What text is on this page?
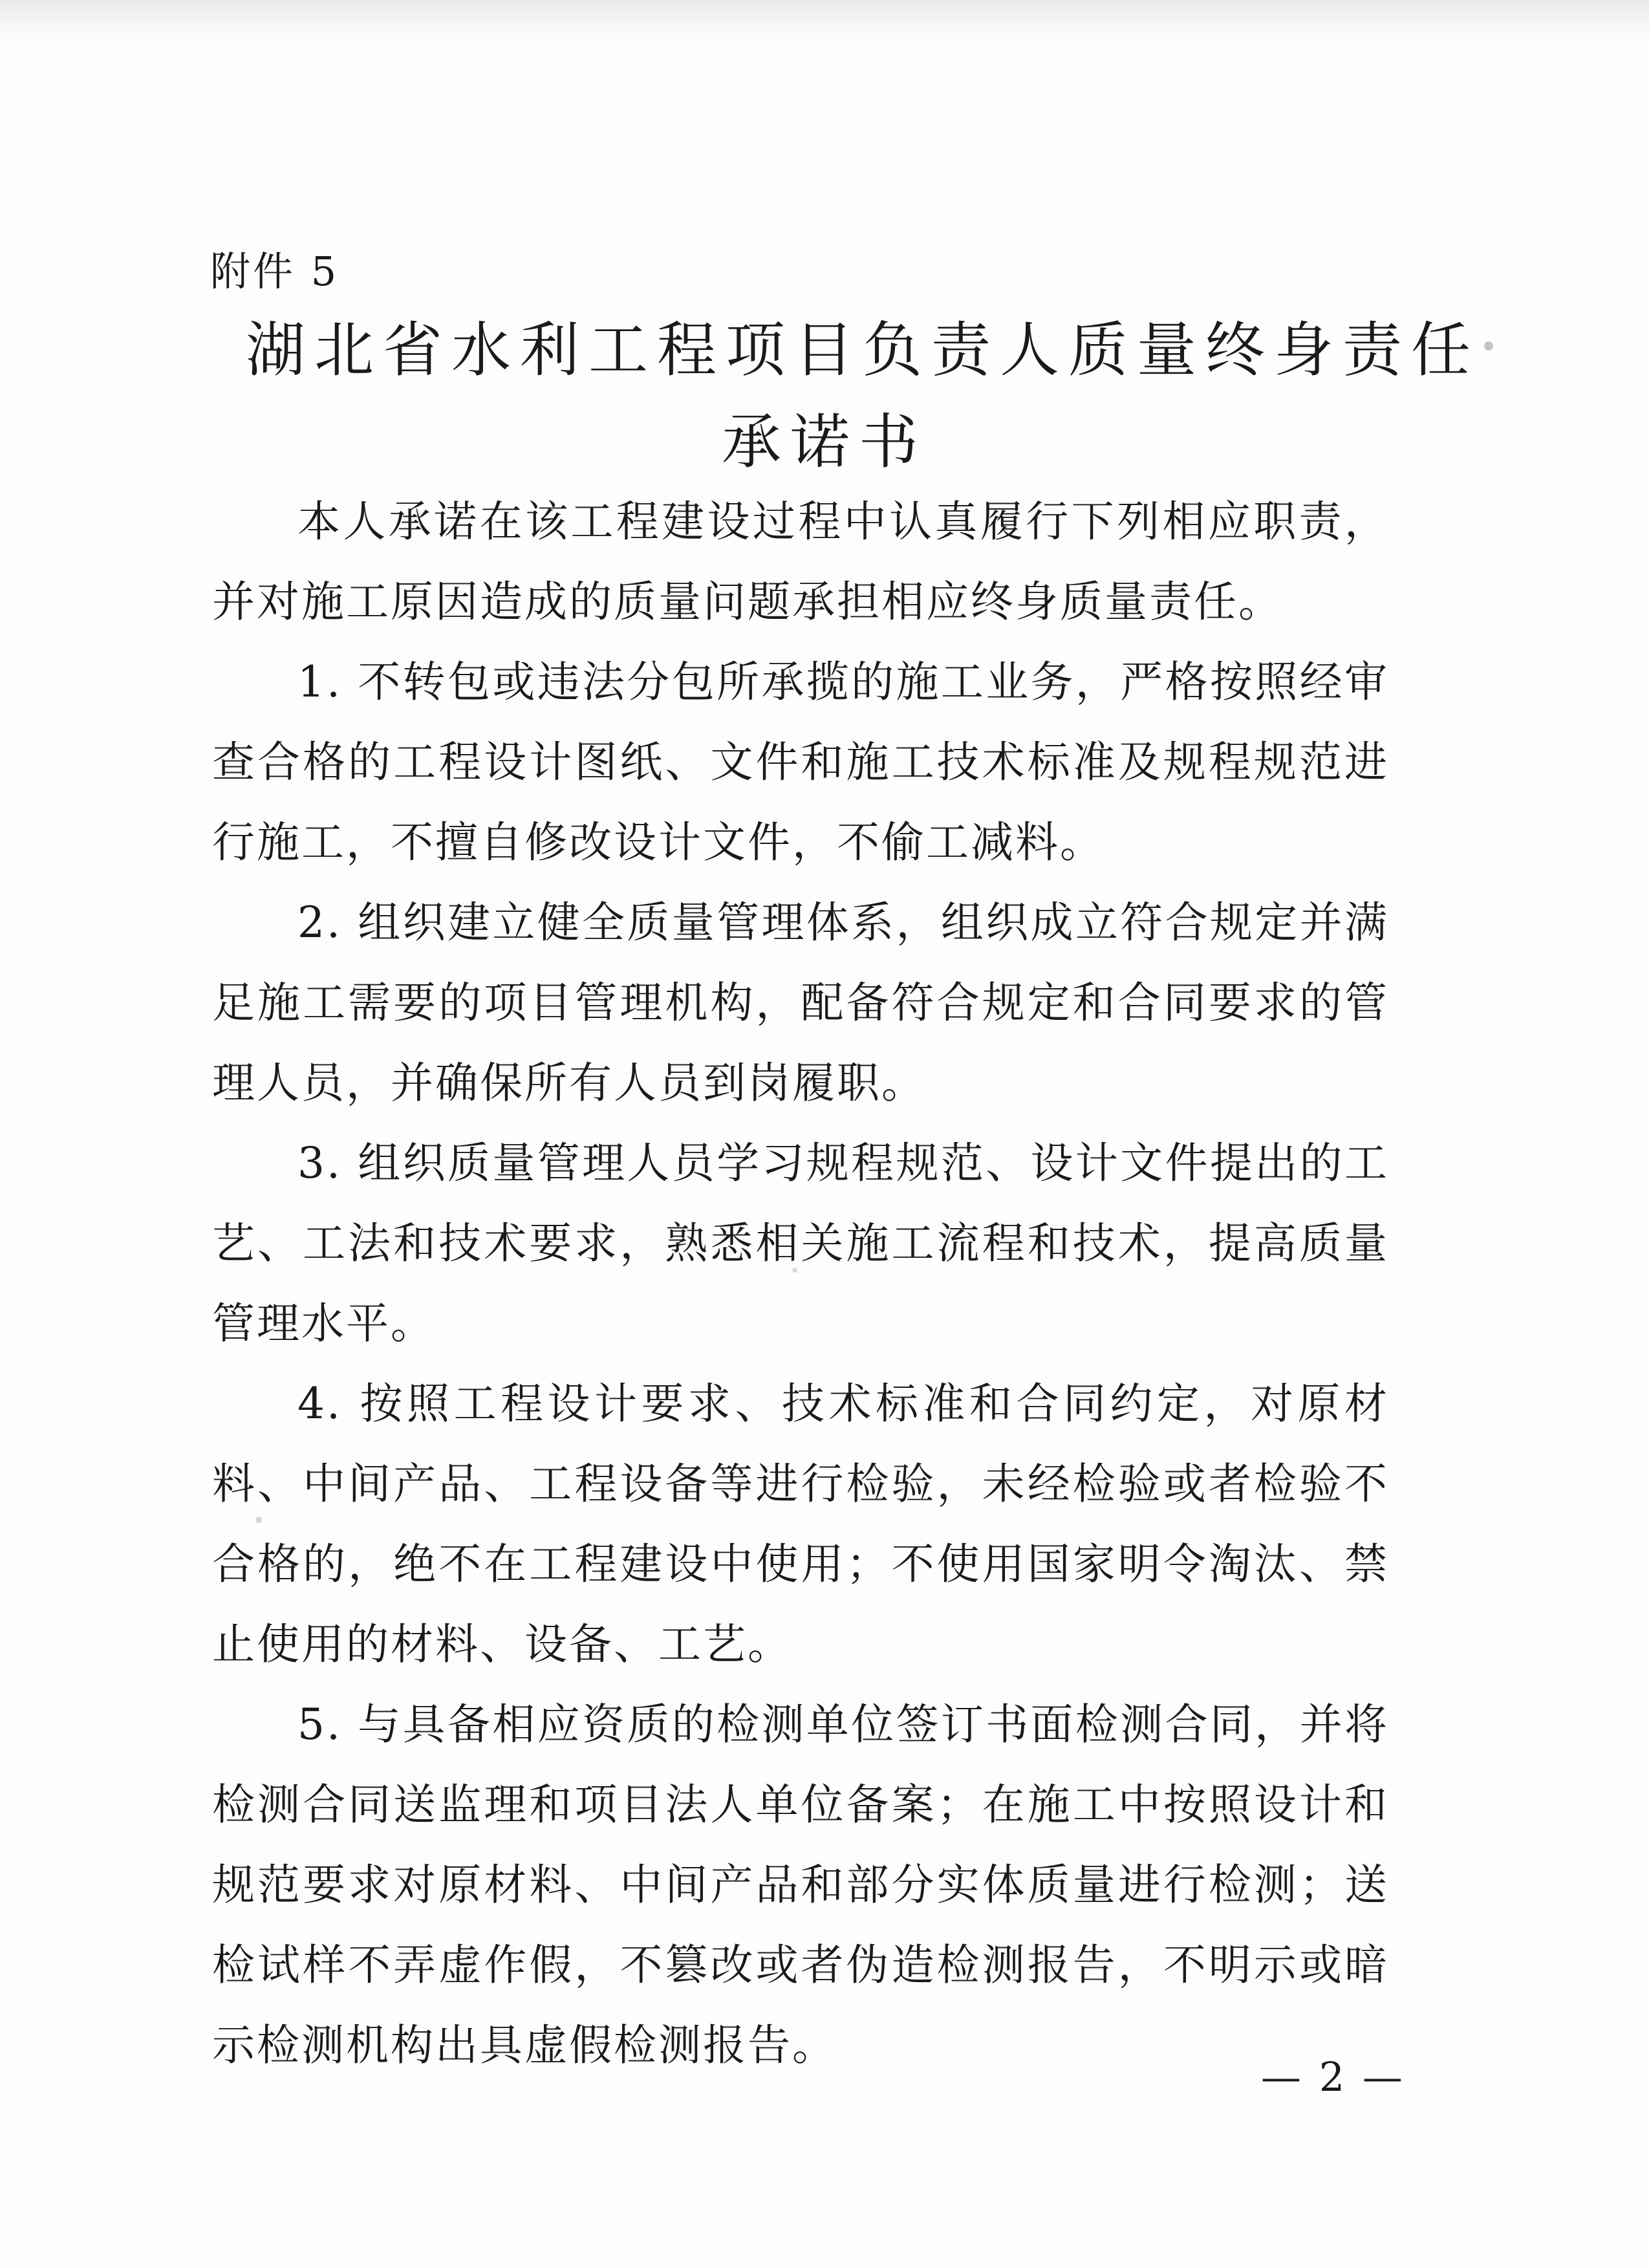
附件 5
湖北省水利工程项目负责人质量终身责任
承诺书

本人承诺在该工程建设过程中认真履行下列相应职责，并对施工原因造成的质量问题承担相应终身质量责任。

1. 不转包或违法分包所承揽的施工业务，严格按照经审查合格的工程设计图纸、文件和施工技术标准及规程规范进行施工，不擅自修改设计文件，不偷工减料。

2. 组织建立健全质量管理体系，组织成立符合规定并满足施工需要的项目管理机构，配备符合规定和合同要求的管理人员，并确保所有人员到岗履职。

3. 组织质量管理人员学习规程规范、设计文件提出的工艺、工法和技术要求，熟悉相关施工流程和技术，提高质量管理水平。

4. 按照工程设计要求、技术标准和合同约定，对原材料、中间产品、工程设备等进行检验，未经检验或者检验不合格的，绝不在工程建设中使用；不使用国家明令淘汰、禁止使用的材料、设备、工艺。

5. 与具备相应资质的检测单位签订书面检测合同，并将检测合同送监理和项目法人单位备案；在施工中按照设计和规范要求对原材料、中间产品和部分实体质量进行检测；送检试样不弄虚作假，不篡改或者伪造检测报告，不明示或暗示检测机构出具虚假检测报告。

— 2 —
